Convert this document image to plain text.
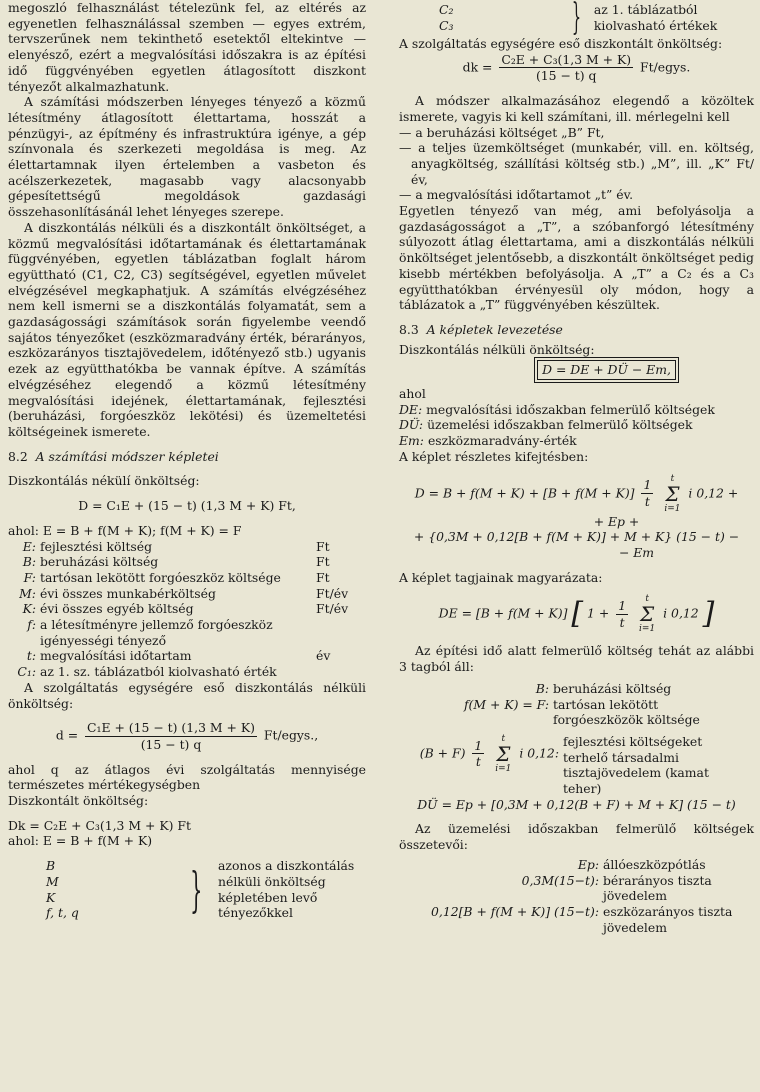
megoszló felhasználást tételezünk fel, az eltérés az egyenetlen felhasználással szemben — egyes extrém, tervszerűnek nem tekinthető esetektől eltekintve — elenyésző, ezért a megvalósítási időszakra is az építési idő függvényében egyetlen átlagosított diszkont tényezőt alkalmazhatunk.

A számítási módszerben lényeges tényező a közmű létesítmény átlagosított élettartama, hosszát a pénzügyi-, az építmény és infrastruktúra igénye, a gép színvonala és szerkezeti megoldása is meg. Az élettartamnak ilyen értelemben a vasbeton és acélszerkezetek, magasabb vagy alacsonyabb gépesítettségű megoldások gazdasági összehasonlításánál lehet lényeges szerepe.

A diszkontálás nélküli és a diszkontált önköltséget, a közmű megvalósítási időtartamának és élettartamának függvényében, egyetlen táblázatban foglalt három együttható (C1, C2, C3) segítségével, egyetlen művelet elvégzésével megkaphatjuk. A számítás elvégzéséhez nem kell ismerni se a diszkontálás folyamatát, sem a gazdaságossági számítások során figyelembe veendő sajátos tényezőket (eszközmaradvány érték, bérarányos, eszközarányos tisztajövedelem, időtényező stb.) ugyanis ezek az együtthatókba be vannak építve. A számítás elvégzéséhez elegendő a közmű létesítmény megvalósítási idejének, élettartamának, fejlesztési (beruházási, forgóeszköz lekötési) és üzemeltetési költségeinek ismerete.

8.2 A számítási módszer képletei

Diszkontálás nékülí önköltség:

D = C₁E + (15 − t) (1,3 M + K) Ft,

ahol: E = B + f(M + K); f(M + K) = F

E:	fejlesztési költség	Ft
B:	beruházási költség	Ft
F:	tartósan lekötött forgóeszköz költsége	Ft
M:	évi összes munkabérköltség	Ft/év
K:	évi összes egyéb költség	Ft/év
f:	a létesítményre jellemző forgóeszköz igényességi tényező	
t:	megvalósítási időtartam	év
C₁:	az 1. sz. táblázatból kiolvasható érték	

A szolgáltatás egységére eső diszkontálás nélküli önköltség:

$d = \frac{\text{C₁E + (15 − t) (1,3 M + K)}}{(15 - t) q}$ Ft/egys.,

ahol q az átlagos évi szolgáltatás mennyisége természetes mértékegységben

Diszkontált önköltség:

Dk = C₂E + C₃(1,3 M + K) Ft

ahol: E = B + f(M + K)

B
M
K
f, t, q	} azonos a diszkontálás nélküli önköltség képletében levő tényezőkkel
C₂
C₃	} az 1. táblázatból kiolvasható értékek

A szolgáltatás egységére eső diszkontált önköltség:

dk = $\frac{\text{C₂E + C₃(1,3 M + K)}}{(15 - t) q}$ Ft/egys.

A módszer alkalmazásához elegendő a közöltek ismerete, vagyis ki kell számítani, ill. mérlegelni kell

— a beruházási költséget „B” Ft,

— a teljes üzemköltséget (munkabér, vill. en. költség, anyagköltség, szállítási költség stb.) „M”, ill. „K” Ft/év,

— a megvalósítási időtartamot „t” év.

Egyetlen tényező van még, ami befolyásolja a gazdaságosságot a „T”, a szóbanforgó létesítmény súlyozott átlag élettartama, ami a diszkontálás nélküli önköltséget jelentősebb, a diszkontált önköltséget pedig kisebb mértékben befolyásolja. A „T” a C₂ és a C₃ együtthatókban érvényesül oly módon, hogy a táblázatok a „T” függvényében készültek.

8.3 A képletek levezetése

Diszkontálás nélküli önköltség:
D = DE + DÜ − Em,

ahol

DE: megvalósítási időszakban felmerülő költségek

DÜ: üzemelési időszakban felmerülő költségek

Em: eszközmaradvány-érték

A képlet részletes kifejtésben:

$D = B + f(M + K) + [B + f(M + K)] \frac{1}{t}$
	t
Σ
i=1
i 0,12 +

+ Ep +

+ {0,3M + 0,12[B + f(M + K)] + M + K} (15 − t) −

− Em

A képlet tagjainak magyarázata:

DE = [B + f(M + K)] [ $1 + \frac{1}{t}$
	t
Σ
i=1
i 0,12 ]

Az építési idő alatt felmerülő költség tehát az alábbi 3 tagból áll:

B: beruházási költség
f(M + K) = F: tartósan lekötött forgóeszközök költsége
$(B + F) \frac{1}{t}$
	t
Σ
i=1
i 0,12:
fejlesztési költségeket terhelő társadalmi tisztajövedelem (kamat teher)

DÜ = Ep + [0,3M + 0,12(B + F) + M + K] (15 − t)

Az üzemelési időszakban felmerülő költségek összetevői:

Ep: állóeszközpótlás
0,3M(15−t): bérarányos tiszta jövedelem
0,12[B + f(M + K)] (15−t): eszközarányos tiszta jövedelem
